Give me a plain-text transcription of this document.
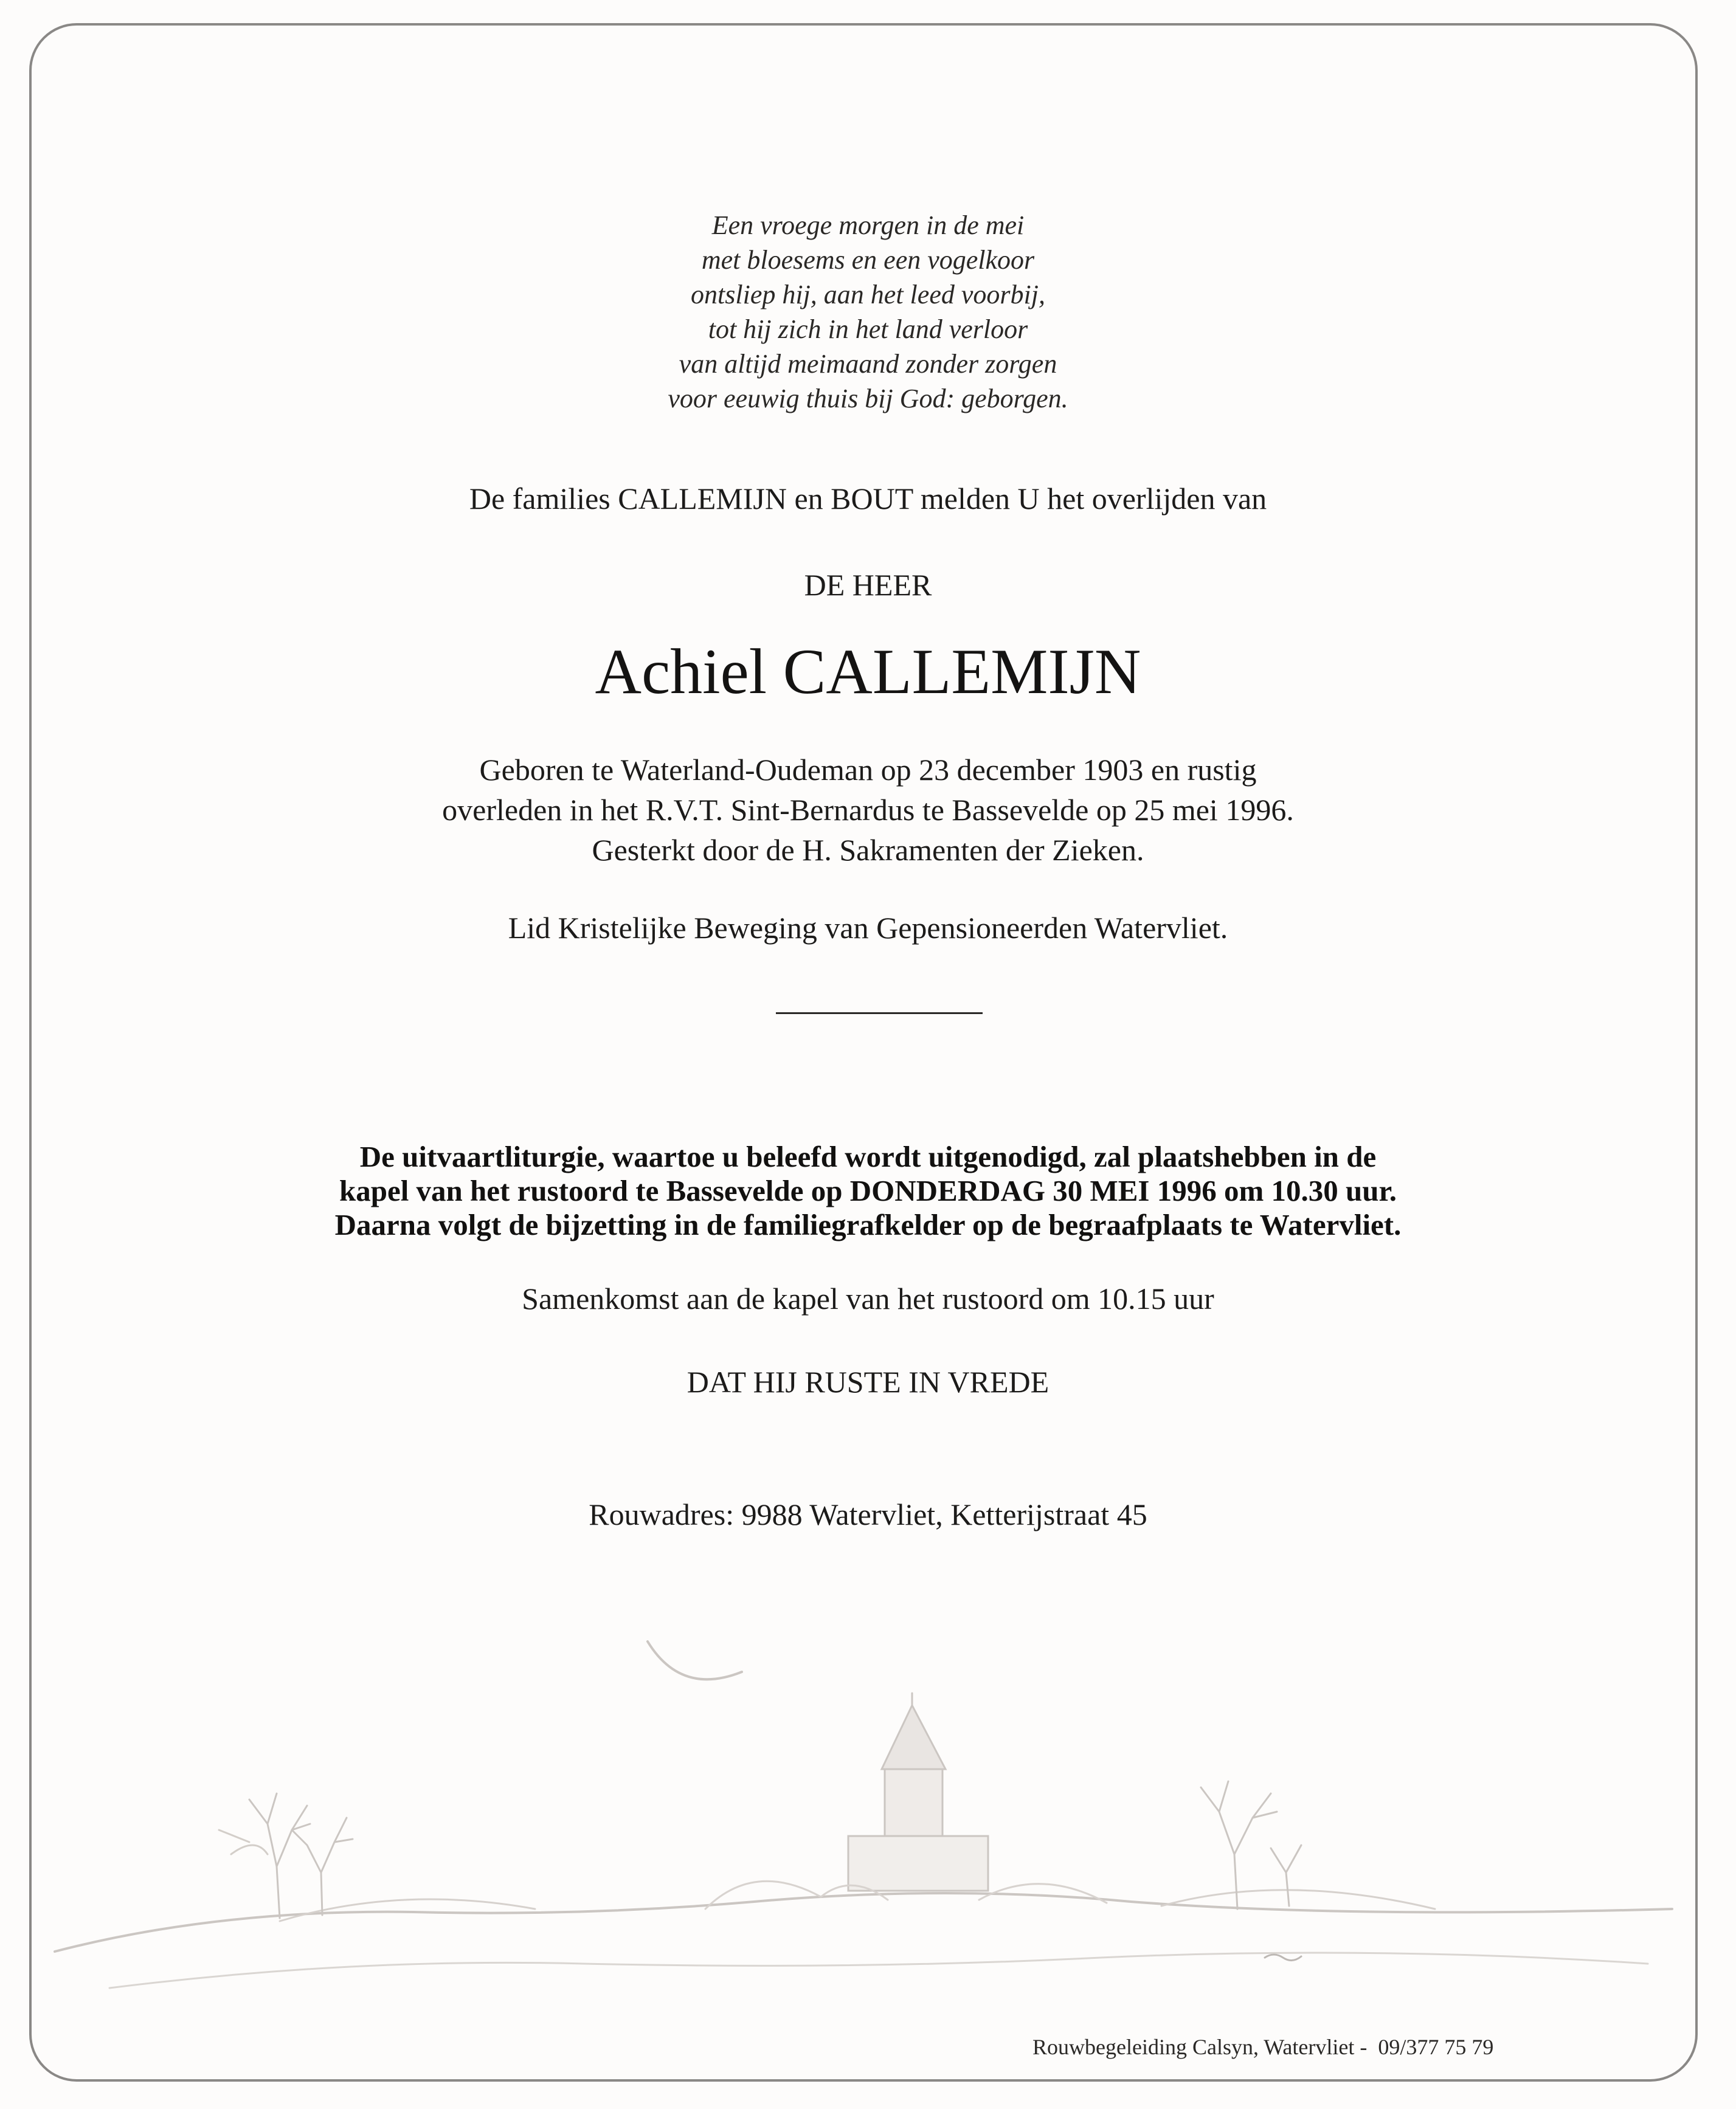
Een vroege morgen in de mei
met bloesems en een vogelkoor
ontsliep hij, aan het leed voorbij,
tot hij zich in het land verloor
van altijd meimaand zonder zorgen
voor eeuwig thuis bij God: geborgen.
De families CALLEMIJN en BOUT melden U het overlijden van
DE HEER
Achiel CALLEMIJN
Geboren te Waterland-Oudeman op 23 december 1903 en rustig
overleden in het R.V.T. Sint-Bernardus te Bassevelde op 25 mei 1996.
Gesterkt door de H. Sakramenten der Zieken.
Lid Kristelijke Beweging van Gepensioneerden Watervliet.
De uitvaartliturgie, waartoe u beleefd wordt uitgenodigd, zal plaatshebben in de
kapel van het rustoord te Bassevelde op DONDERDAG 30 MEI 1996 om 10.30 uur.
Daarna volgt de bijzetting in de familiegrafkelder op de begraafplaats te Watervliet.
Samenkomst aan de kapel van het rustoord om 10.15 uur
DAT HIJ RUSTE IN VREDE
Rouwadres: 9988 Watervliet, Ketterijstraat 45
Rouwbegeleiding Calsyn, Watervliet -  09/377 75 79
